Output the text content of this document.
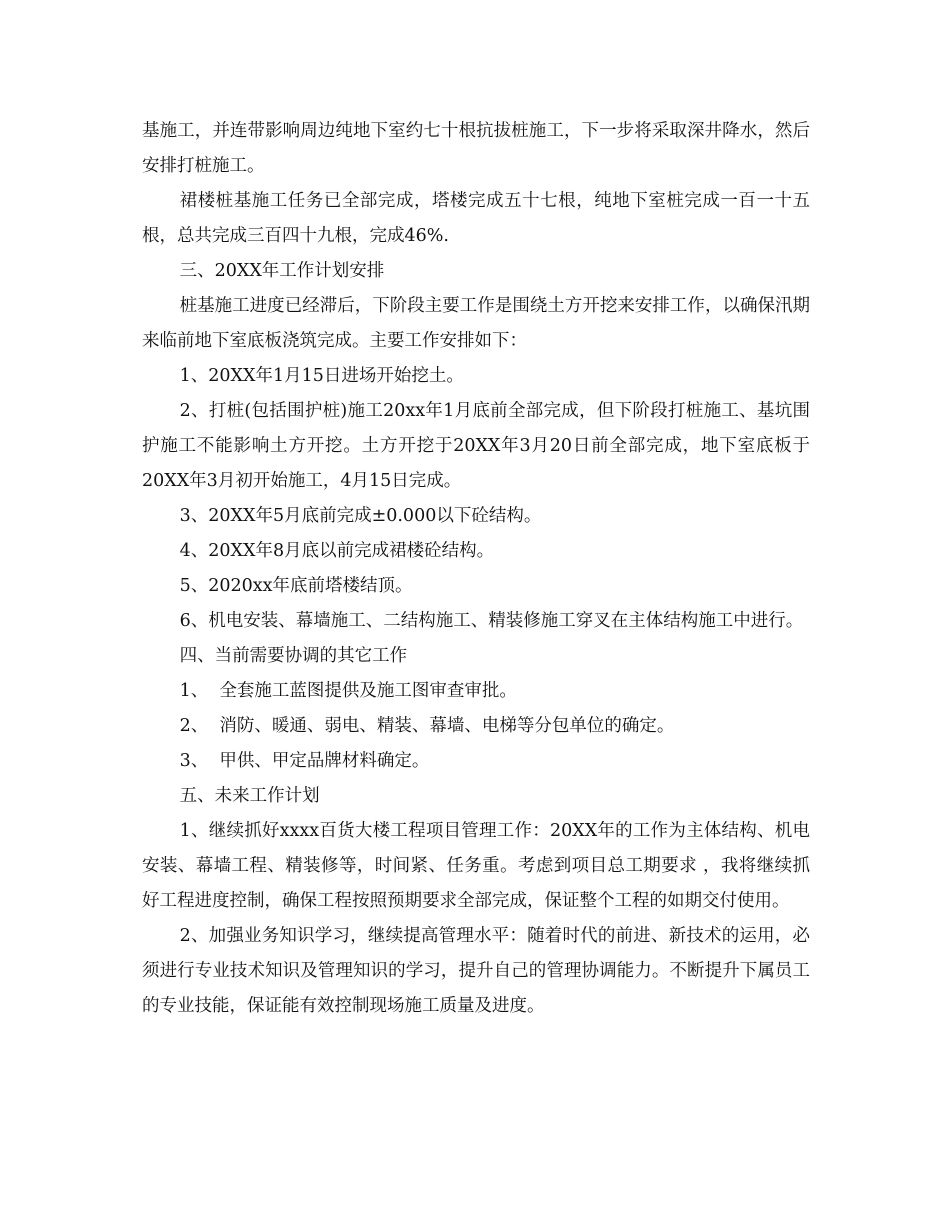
基施工，并连带影响周边纯地下室约七十根抗拔桩施工，下一步将采取深井降水，然后安排打桩施工。

裙楼桩基施工任务已全部完成，塔楼完成五十七根，纯地下室桩完成一百一十五根，总共完成三百四十九根，完成46%.

三、20XX年工作计划安排

桩基施工进度已经滞后，下阶段主要工作是围绕土方开挖来安排工作，以确保汛期来临前地下室底板浇筑完成。主要工作安排如下：

1、20XX年1月15日进场开始挖土。

2、打桩(包括围护桩)施工20xx年1月底前全部完成，但下阶段打桩施工、基坑围护施工不能影响土方开挖。土方开挖于20XX年3月20日前全部完成，地下室底板于20XX年3月初开始施工，4月15日完成。

3、20XX年5月底前完成±0.000以下砼结构。

4、20XX年8月底以前完成裙楼砼结构。

5、2020xx年底前塔楼结顶。

6、机电安装、幕墙施工、二结构施工、精装修施工穿叉在主体结构施工中进行。

四、当前需要协调的其它工作

1、  全套施工蓝图提供及施工图审查审批。

2、  消防、暖通、弱电、精装、幕墙、电梯等分包单位的确定。

3、  甲供、甲定品牌材料确定。

五、未来工作计划

1、继续抓好xxxx百货大楼工程项目管理工作：20XX年的工作为主体结构、机电安装、幕墙工程、精装修等，时间紧、任务重。考虑到项目总工期要求 ，我将继续抓好工程进度控制，确保工程按照预期要求全部完成，保证整个工程的如期交付使用。

2、加强业务知识学习，继续提高管理水平：随着时代的前进、新技术的运用，必须进行专业技术知识及管理知识的学习，提升自己的管理协调能力。不断提升下属员工的专业技能，保证能有效控制现场施工质量及进度。
